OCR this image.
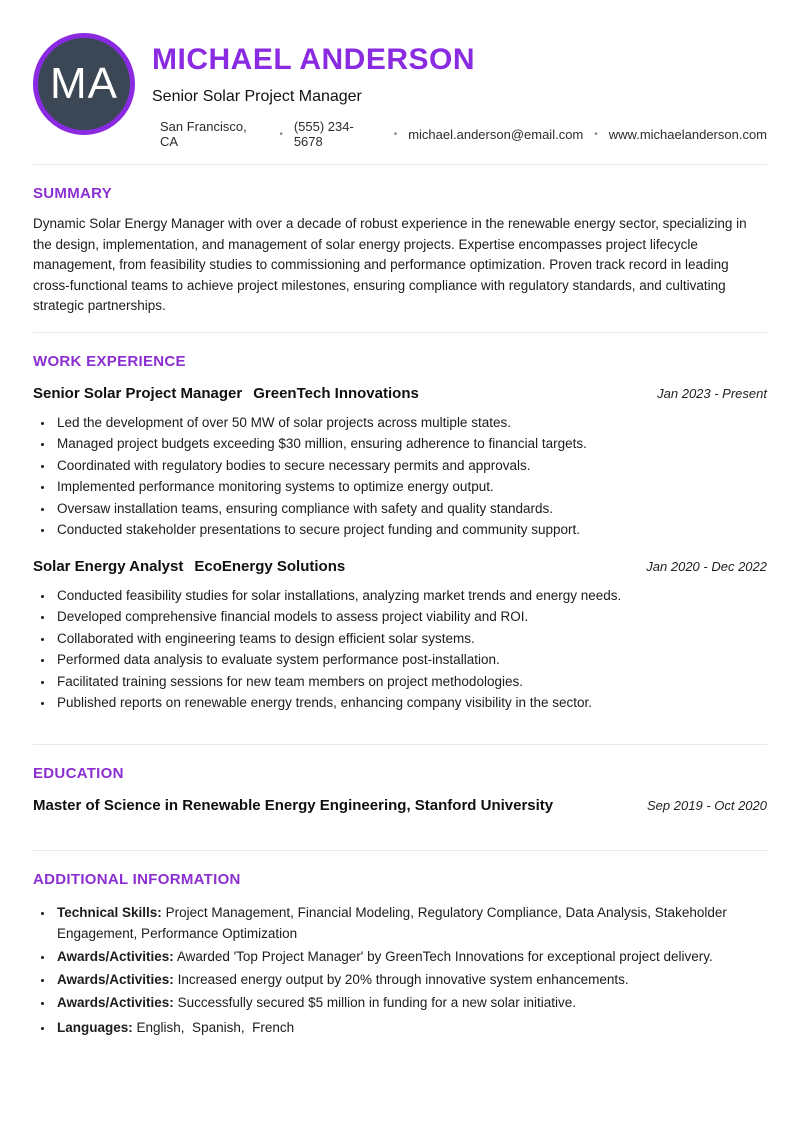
MA MICHAEL ANDERSON
Senior Solar Project Manager
San Francisco, CA	• (555) 234-5678	• michael.anderson@email.com • www.michaelanderson.com
SUMMARY

Dynamic Solar Energy Manager with over a decade of robust experience in the renewable energy sector, specializing in the design, implementation, and management of solar energy projects. Expertise encompasses project lifecycle management, from feasibility studies to commissioning and performance optimization. Proven track record in leading cross-functional teams to achieve project milestones, ensuring compliance with regulatory standards, and cultivating strategic partnerships.

WORK EXPERIENCE
Senior Solar Project Manager GreenTech Innovations	Jan 2023 - Present
• Led the development of over 50 MW of solar projects across multiple states.
• Managed project budgets exceeding $30 million, ensuring adherence to financial targets.
• Coordinated with regulatory bodies to secure necessary permits and approvals.
• Implemented performance monitoring systems to optimize energy output.
• Oversaw installation teams, ensuring compliance with safety and quality standards.
• Conducted stakeholder presentations to secure project funding and community support.
Solar Energy Analyst EcoEnergy Solutions	Jan 2020 - Dec 2022
• Conducted feasibility studies for solar installations, analyzing market trends and energy needs.
• Developed comprehensive financial models to assess project viability and ROI.
• Collaborated with engineering teams to design efficient solar systems.
• Performed data analysis to evaluate system performance post-installation.
• Facilitated training sessions for new team members on project methodologies.
• Published reports on renewable energy trends, enhancing company visibility in the sector.
EDUCATION
Master of Science in Renewable Energy Engineering, Stanford University	Sep 2019 - Oct 2020
ADDITIONAL INFORMATION
• Technical Skills: Project Management, Financial Modeling, Regulatory Compliance, Data Analysis, Stakeholder Engagement, Performance Optimization
• Awards/Activities: Awarded 'Top Project Manager' by GreenTech Innovations for exceptional project delivery.
• Awards/Activities: Increased energy output by 20% through innovative system enhancements.
• Awards/Activities: Successfully secured $5 million in funding for a new solar initiative.
• Languages: English,  Spanish,  French
